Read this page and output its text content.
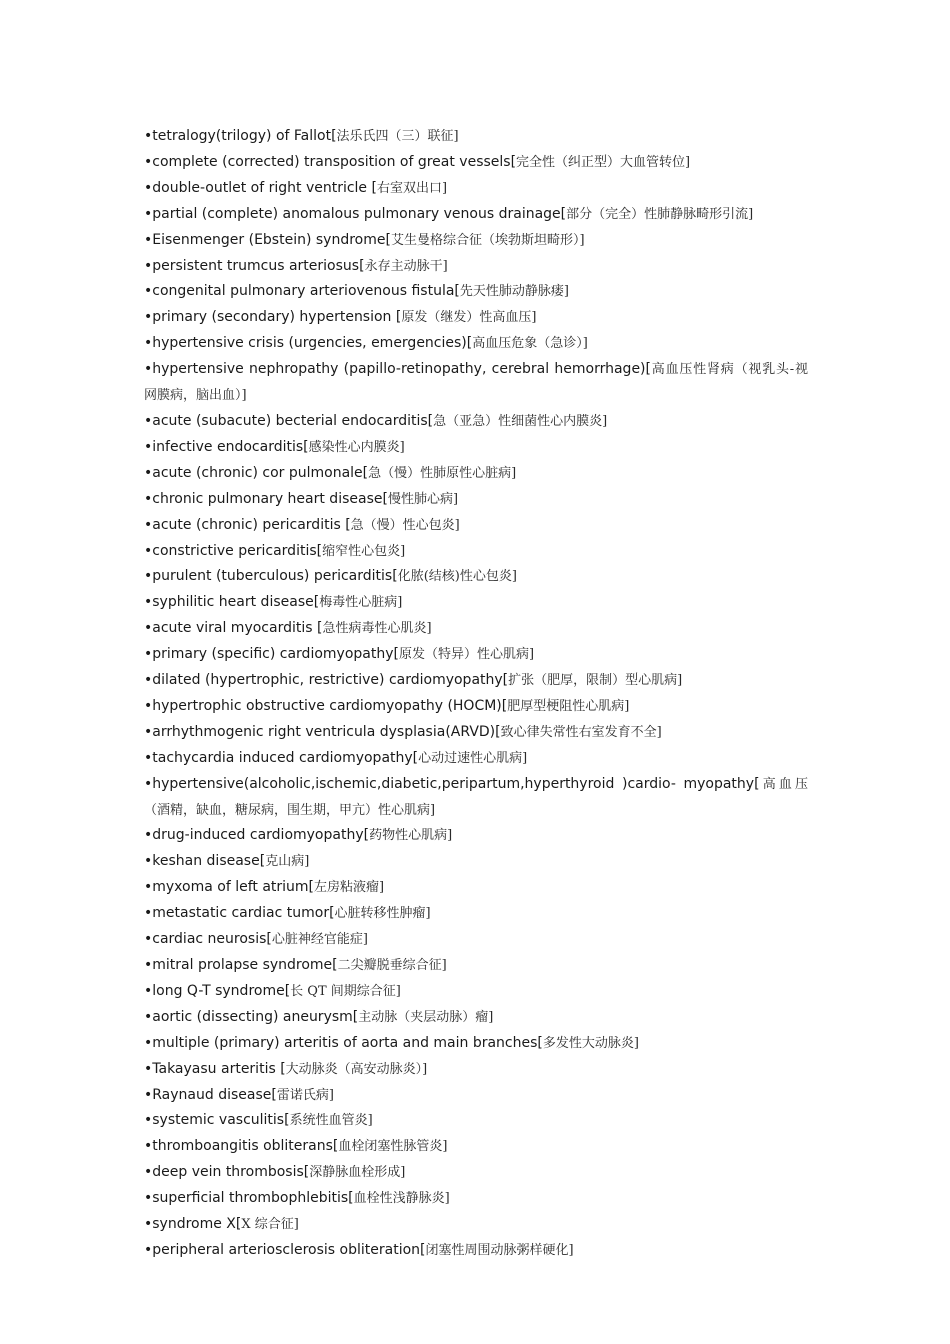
•tetralogy(trilogy) of Fallot[法乐氏四（三）联征]

•complete (corrected) transposition of great vessels[完全性（纠正型）大血管转位]

•double-outlet of right ventricle [右室双出口]

•partial (complete) anomalous pulmonary venous drainage[部分（完全）性肺静脉畸形引流]

•Eisenmenger (Ebstein) syndrome[艾生曼格综合征（埃勃斯坦畸形）]

•persistent trumcus arteriosus[永存主动脉干]

•congenital pulmonary arteriovenous fistula[先天性肺动静脉瘘]

•primary (secondary) hypertension [原发（继发）性高血压]

•hypertensive crisis (urgencies, emergencies)[高血压危象（急诊）]

•hypertensive nephropathy (papillo-retinopathy, cerebral hemorrhage)[高血压性肾病（视乳头-视网膜病，脑出血）]

•acute (subacute) becterial endocarditis[急（亚急）性细菌性心内膜炎]

•infective endocarditis[感染性心内膜炎]

•acute (chronic) cor pulmonale[急（慢）性肺原性心脏病]

•chronic pulmonary heart disease[慢性肺心病]

•acute (chronic) pericarditis [急（慢）性心包炎]

•constrictive pericarditis[缩窄性心包炎]

•purulent (tuberculous) pericarditis[化脓(结核)性心包炎]

•syphilitic heart disease[梅毒性心脏病]

•acute viral myocarditis [急性病毒性心肌炎]

•primary (specific) cardiomyopathy[原发（特异）性心肌病]

•dilated (hypertrophic, restrictive) cardiomyopathy[扩张（肥厚，限制）型心肌病]

•hypertrophic obstructive cardiomyopathy (HOCM)[肥厚型梗阻性心肌病]

•arrhythmogenic right ventricula dysplasia(ARVD)[致心律失常性右室发育不全]

•tachycardia induced cardiomyopathy[心动过速性心肌病]

•hypertensive(alcoholic,ischemic,diabetic,peripartum,hyperthyroid )cardio- myopathy[高血压（酒精，缺血，糖尿病，围生期，甲亢）性心肌病]

•drug-induced cardiomyopathy[药物性心肌病]

•keshan disease[克山病]

•myxoma of left atrium[左房粘液瘤]

•metastatic cardiac tumor[心脏转移性肿瘤]

•cardiac neurosis[心脏神经官能症]

•mitral prolapse syndrome[二尖瓣脱垂综合征]

•long Q-T syndrome[长 QT 间期综合征]

•aortic (dissecting) aneurysm[主动脉（夹层动脉）瘤]

•multiple (primary) arteritis of aorta and main branches[多发性大动脉炎]

•Takayasu arteritis [大动脉炎（高安动脉炎）]

•Raynaud disease[雷诺氏病]

•systemic vasculitis[系统性血管炎]

•thromboangitis obliterans[血栓闭塞性脉管炎]

•deep vein thrombosis[深静脉血栓形成]

•superficial thrombophlebitis[血栓性浅静脉炎]

•syndrome X[X 综合征]

•peripheral arteriosclerosis obliteration[闭塞性周围动脉粥样硬化]
